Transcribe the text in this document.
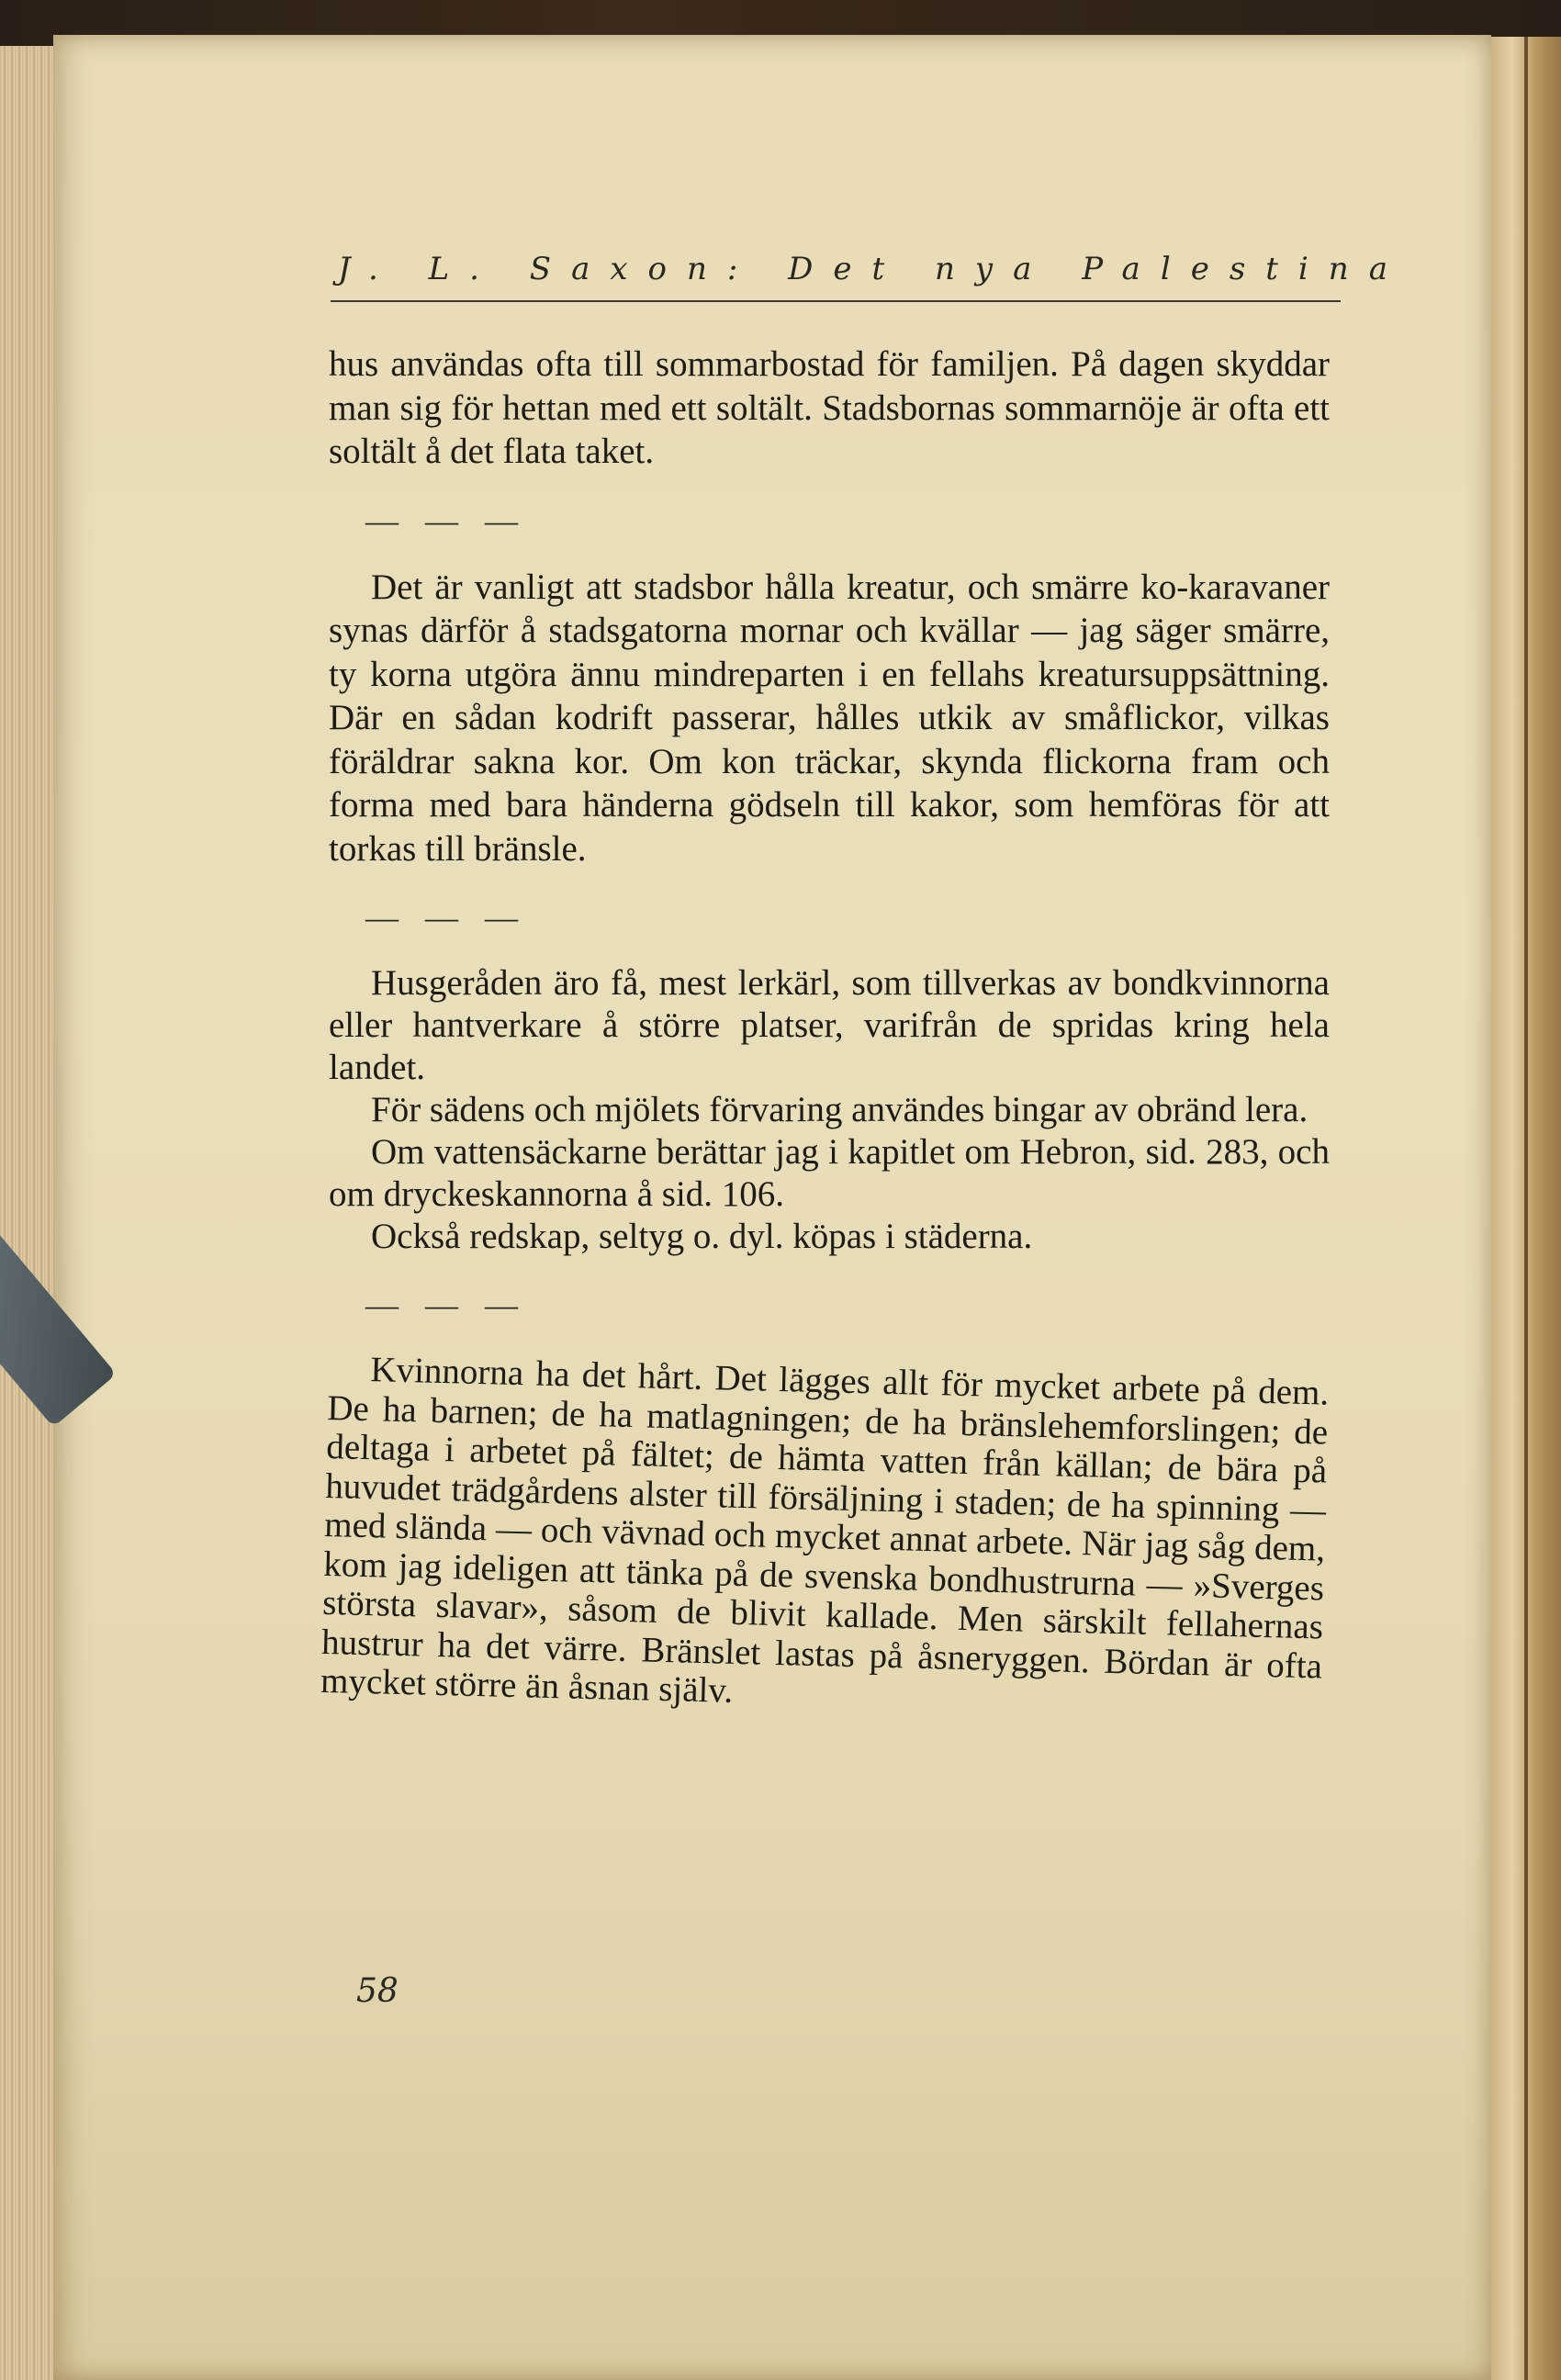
J. L. Saxon: Det nya Palestina

hus användas ofta till sommarbostad för familjen. På dagen skyddar man sig för hettan med ett soltält. Stadsbornas sommarnöje är ofta ett soltält å det flata taket.

— — —

Det är vanligt att stadsbor hålla kreatur, och smärre ko-karavaner synas därför å stadsgatorna mornar och kvällar — jag säger smärre, ty korna utgöra ännu mindreparten i en fellahs kreatursuppsättning. Där en sådan kodrift passerar, hålles utkik av småflickor, vilkas föräldrar sakna kor. Om kon träckar, skynda flickorna fram och forma med bara händerna gödseln till kakor, som hemföras för att torkas till bränsle.

— — —

Husgeråden äro få, mest lerkärl, som tillverkas av bondkvinnorna eller hantverkare å större platser, varifrån de spridas kring hela landet.

För sädens och mjölets förvaring användes bingar av obränd lera.

Om vattensäckarne berättar jag i kapitlet om Hebron, sid. 283, och om dryckeskannorna å sid. 106.

Också redskap, seltyg o. dyl. köpas i städerna.

— — —

Kvinnorna ha det hårt. Det lägges allt för mycket arbete på dem. De ha barnen; de ha matlagningen; de ha bränslehemforslingen; de deltaga i arbetet på fältet; de hämta vatten från källan; de bära på huvudet trädgårdens alster till försäljning i staden; de ha spinning — med slända — och vävnad och mycket annat arbete. När jag såg dem, kom jag ideligen att tänka på de svenska bondhustrurna — »Sverges största slavar», såsom de blivit kallade. Men särskilt fellahernas hustrur ha det värre. Bränslet lastas på åsneryggen. Bördan är ofta mycket större än åsnan själv.

58
